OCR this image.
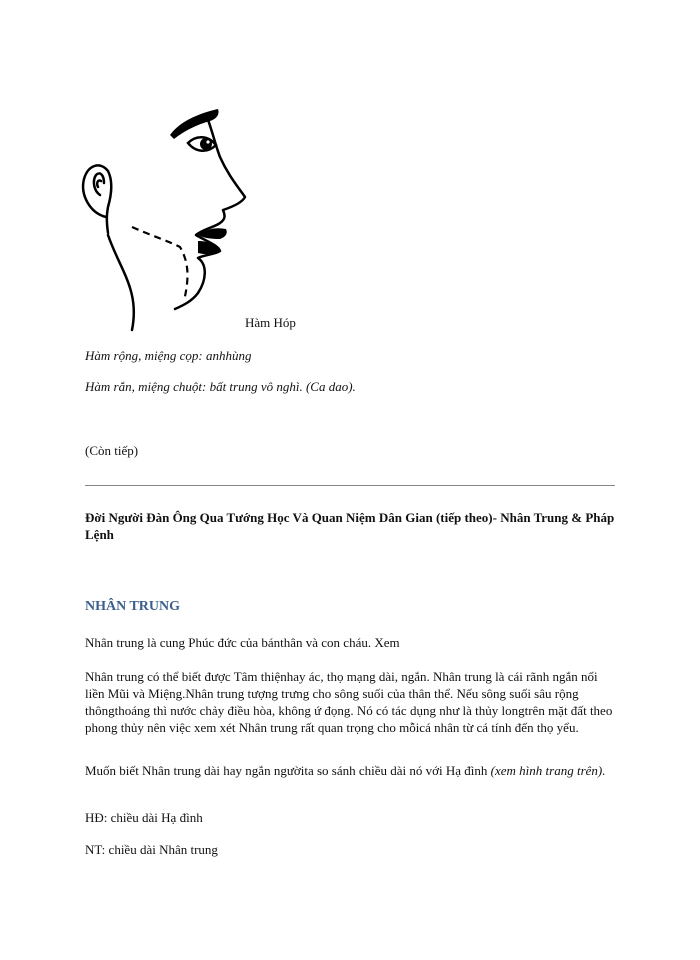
Hàm Hóp
Hàm rộng, miệng cọp: anhhùng
Hàm rắn, miệng chuột: bất trung vô nghì. (Ca dao).
(Còn tiếp)
Đời Người Đàn Ông Qua Tướng Học Và Quan Niệm Dân Gian (tiếp theo)- Nhân Trung & Pháp Lệnh
NHÂN TRUNG
Nhân trung là cung Phúc đức của bánthân và con cháu. Xem
Nhân trung có thể biết được Tâm thiệnhay ác, thọ mạng dài, ngắn. Nhân trung là cái rãnh ngắn nối liền Mũi và Miệng.Nhân trung tượng trưng cho sông suối của thân thể. Nếu sông suối sâu rộng thôngthoáng thì nước chảy điều hòa, không ứ đọng. Nó có tác dụng như là thủy longtrên mặt đất theo phong thủy nên việc xem xét Nhân trung rất quan trọng cho mỗicá nhân từ cá tính đến thọ yểu.
Muốn biết Nhân trung dài hay ngắn ngườita so sánh chiều dài nó với Hạ đình (xem hình trang trên).
HĐ: chiều dài Hạ đình
NT: chiều dài Nhân trung
